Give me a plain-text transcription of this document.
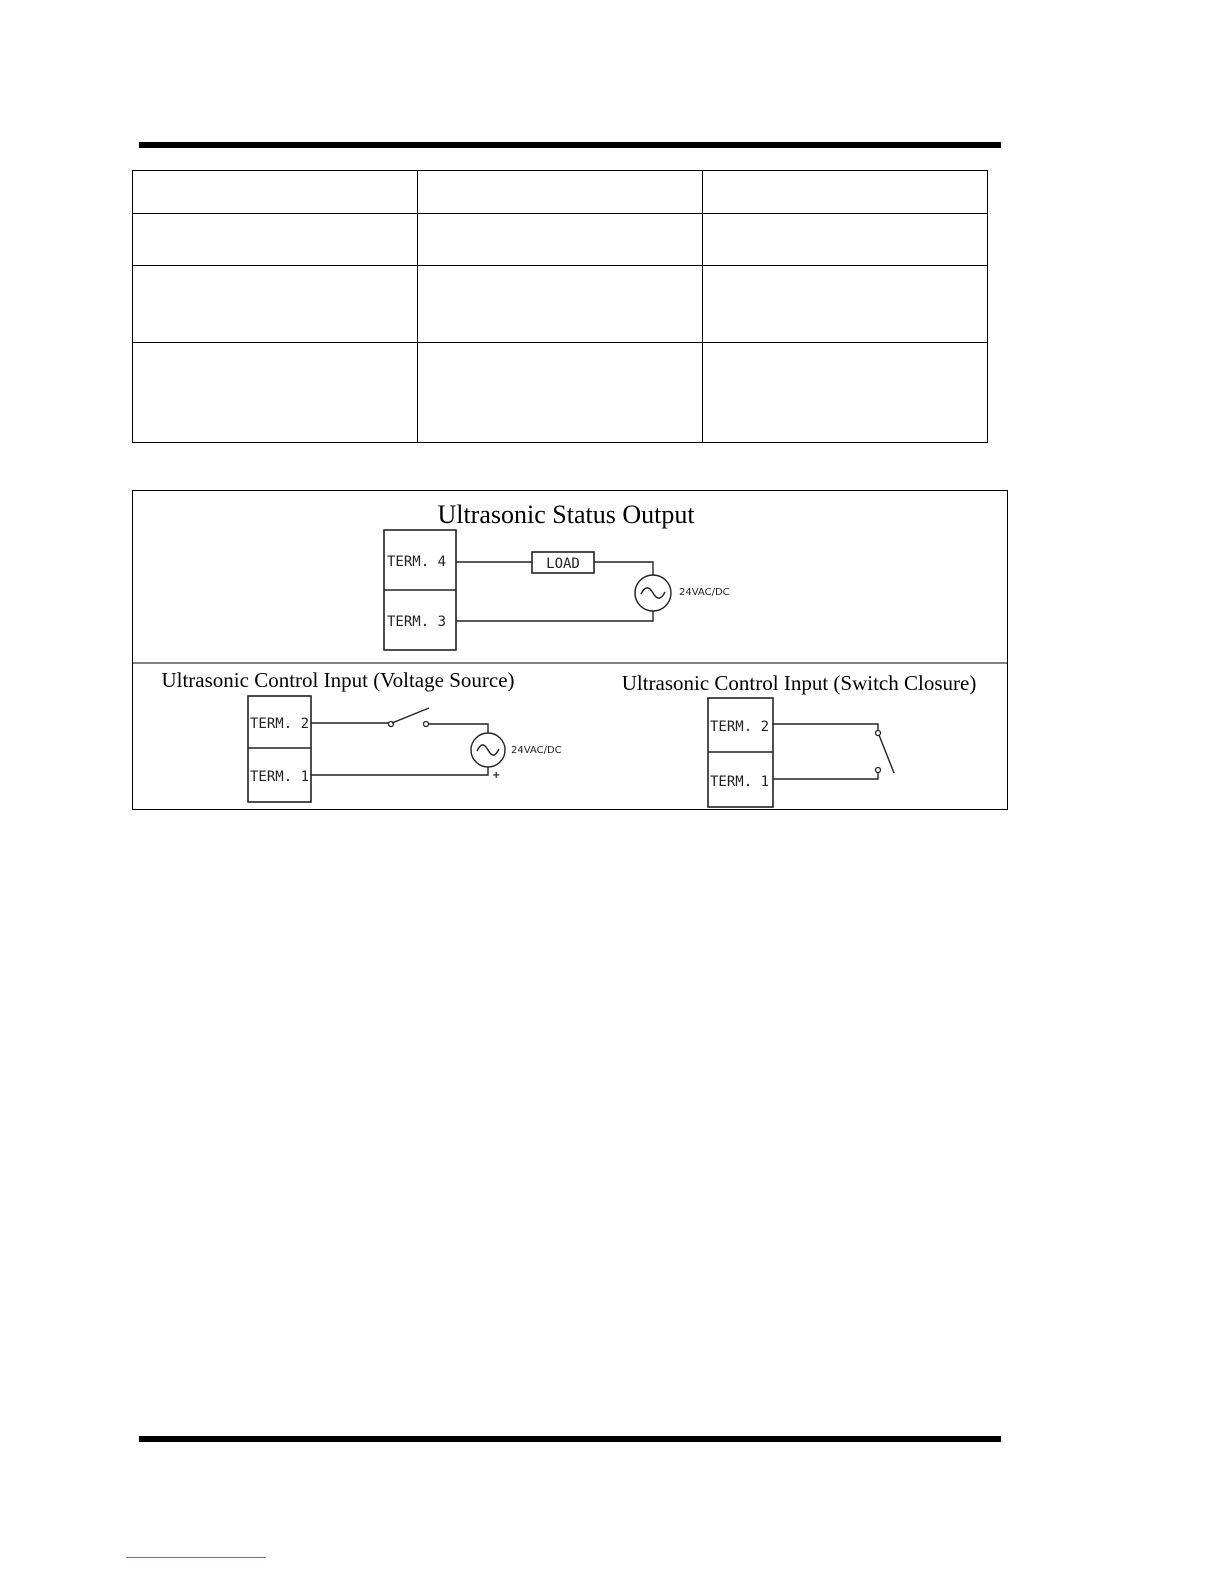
Ultrasonic Status Output
TERM. 4
TERM. 3
LOAD
24VAC/DC
Ultrasonic Control Input (Voltage Source)
TERM. 2
TERM. 1
24VAC/DC
+
Ultrasonic Control Input (Switch Closure)
TERM. 2
TERM. 1
